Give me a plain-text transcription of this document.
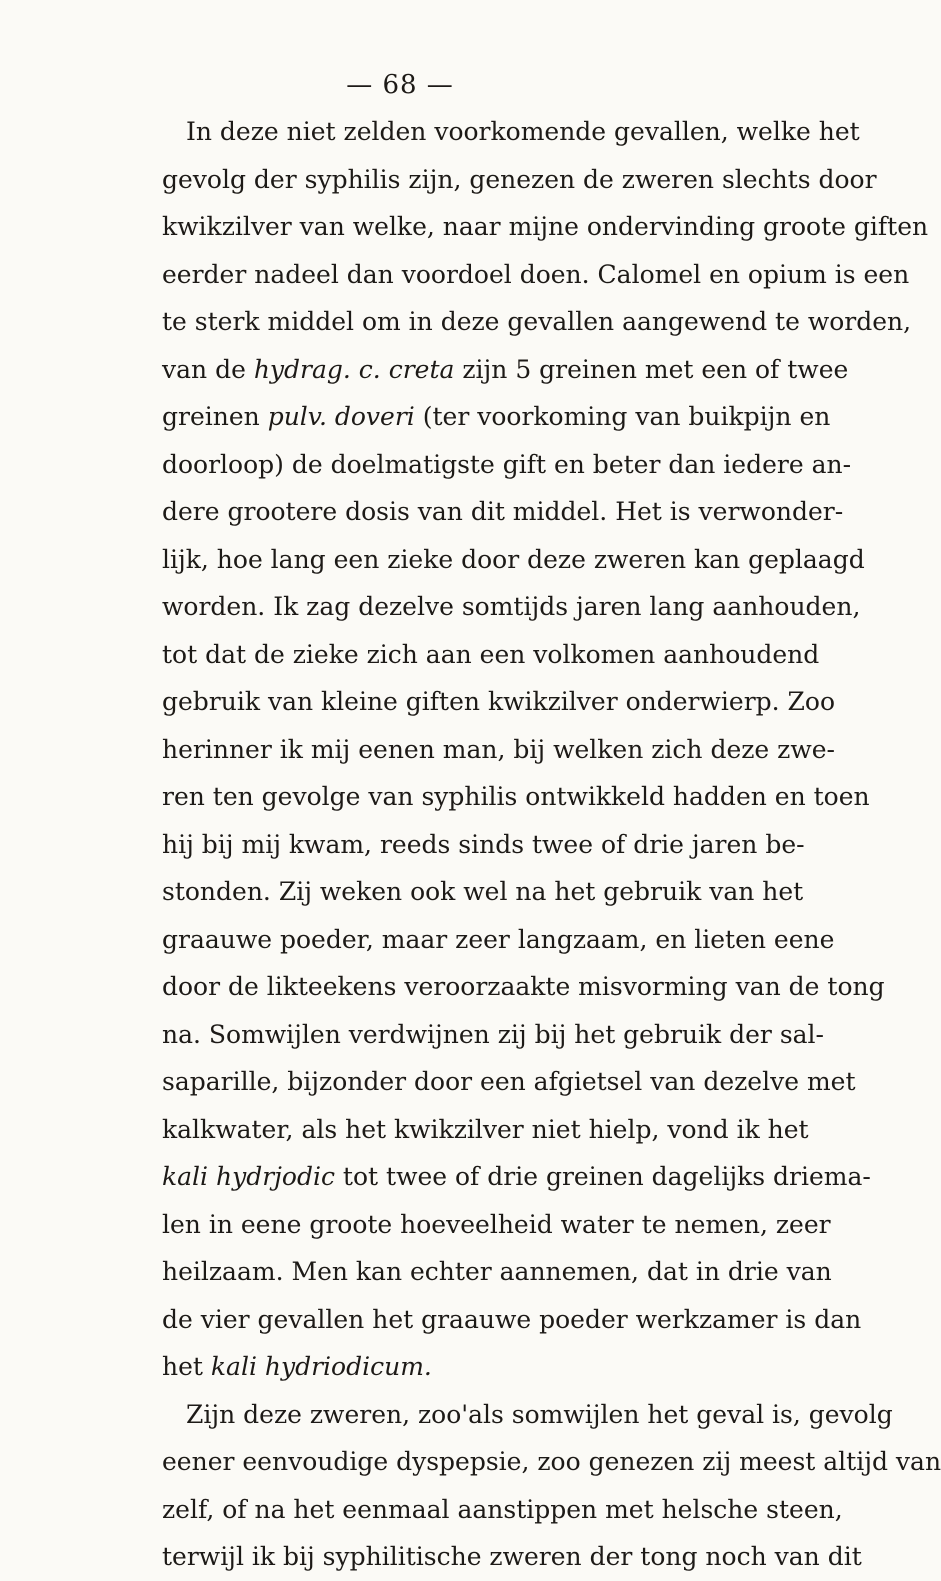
— 68 —
In deze niet zelden voorkomende gevallen, welke het
gevolg der syphilis zijn, genezen de zweren slechts door
kwikzilver van welke, naar mijne ondervinding groote giften
eerder nadeel dan voordoel doen. Calomel en opium is een
te sterk middel om in deze gevallen aangewend te worden,
van de hydrag. c. creta zijn 5 greinen met een of twee
greinen pulv. doveri (ter voorkoming van buikpijn en
doorloop) de doelmatigste gift en beter dan iedere an-
dere grootere dosis van dit middel. Het is verwonder-
lijk, hoe lang een zieke door deze zweren kan geplaagd
worden. Ik zag dezelve somtijds jaren lang aanhouden,
tot dat de zieke zich aan een volkomen aanhoudend
gebruik van kleine giften kwikzilver onderwierp. Zoo
herinner ik mij eenen man, bij welken zich deze zwe-
ren ten gevolge van syphilis ontwikkeld hadden en toen
hij bij mij kwam, reeds sinds twee of drie jaren be-
stonden. Zij weken ook wel na het gebruik van het
graauwe poeder, maar zeer langzaam, en lieten eene
door de likteekens veroorzaakte misvorming van de tong
na. Somwijlen verdwijnen zij bij het gebruik der sal-
saparille, bijzonder door een afgietsel van dezelve met
kalkwater, als het kwikzilver niet hielp, vond ik het
kali hydrjodic tot twee of drie greinen dagelijks driema-
len in eene groote hoeveelheid water te nemen, zeer
heilzaam. Men kan echter aannemen, dat in drie van
de vier gevallen het graauwe poeder werkzamer is dan
het kali hydriodicum.
Zijn deze zweren, zoo'als somwijlen het geval is, gevolg
eener eenvoudige dyspepsie, zoo genezen zij meest altijd van
zelf, of na het eenmaal aanstippen met helsche steen,
terwijl ik bij syphilitische zweren der tong noch van dit
